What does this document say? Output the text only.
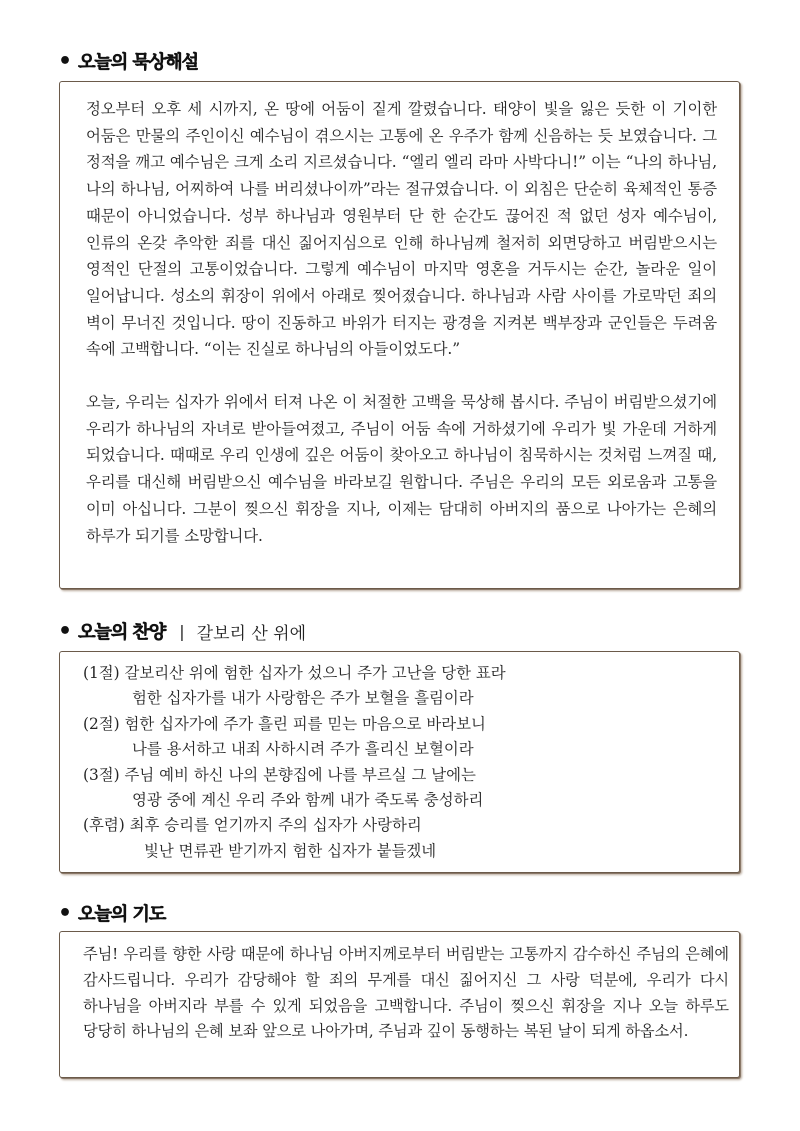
• 오늘의 묵상해설

정오부터 오후 세 시까지, 온 땅에 어둠이 짙게 깔렸습니다. 태양이 빛을 잃은 듯한 이 기이한 어둠은 만물의 주인이신 예수님이 겪으시는 고통에 온 우주가 함께 신음하는 듯 보였습니다. 그 정적을 깨고 예수님은 크게 소리 지르셨습니다. “엘리 엘리 라마 사박다니!” 이는 “나의 하나님, 나의 하나님, 어찌하여 나를 버리셨나이까”라는 절규였습니다. 이 외침은 단순히 육체적인 통증 때문이 아니었습니다. 성부 하나님과 영원부터 단 한 순간도 끊어진 적 없던 성자 예수님이, 인류의 온갖 추악한 죄를 대신 짊어지심으로 인해 하나님께 철저히 외면당하고 버림받으시는 영적인 단절의 고통이었습니다. 그렇게 예수님이 마지막 영혼을 거두시는 순간, 놀라운 일이 일어납니다. 성소의 휘장이 위에서 아래로 찢어졌습니다. 하나님과 사람 사이를 가로막던 죄의 벽이 무너진 것입니다. 땅이 진동하고 바위가 터지는 광경을 지켜본 백부장과 군인들은 두려움 속에 고백합니다. “이는 진실로 하나님의 아들이었도다.”

오늘, 우리는 십자가 위에서 터져 나온 이 처절한 고백을 묵상해 봅시다. 주님이 버림받으셨기에 우리가 하나님의 자녀로 받아들여졌고, 주님이 어둠 속에 거하셨기에 우리가 빛 가운데 거하게 되었습니다. 때때로 우리 인생에 깊은 어둠이 찾아오고 하나님이 침묵하시는 것처럼 느껴질 때, 우리를 대신해 버림받으신 예수님을 바라보길 원합니다. 주님은 우리의 모든 외로움과 고통을 이미 아십니다. 그분이 찢으신 휘장을 지나, 이제는 담대히 아버지의 품으로 나아가는 은혜의 하루가 되기를 소망합니다.

• 오늘의 찬양 | 갈보리 산 위에

(1절) 갈보리산 위에 험한 십자가 섰으니 주가 고난을 당한 표라

험한 십자가를 내가 사랑함은 주가 보혈을 흘림이라

(2절) 험한 십자가에 주가 흘린 피를 믿는 마음으로 바라보니

나를 용서하고 내죄 사하시려 주가 흘리신 보혈이라

(3절) 주님 예비 하신 나의 본향집에 나를 부르실 그 날에는

영광 중에 계신 우리 주와 함께 내가 죽도록 충성하리

(후렴) 최후 승리를 얻기까지 주의 십자가 사랑하리

빛난 면류관 받기까지 험한 십자가 붙들겠네

• 오늘의 기도

주님! 우리를 향한 사랑 때문에 하나님 아버지께로부터 버림받는 고통까지 감수하신 주님의 은혜에 감사드립니다. 우리가 감당해야 할 죄의 무게를 대신 짊어지신 그 사랑 덕분에, 우리가 다시 하나님을 아버지라 부를 수 있게 되었음을 고백합니다. 주님이 찢으신 휘장을 지나 오늘 하루도 당당히 하나님의 은혜 보좌 앞으로 나아가며, 주님과 깊이 동행하는 복된 날이 되게 하옵소서.
